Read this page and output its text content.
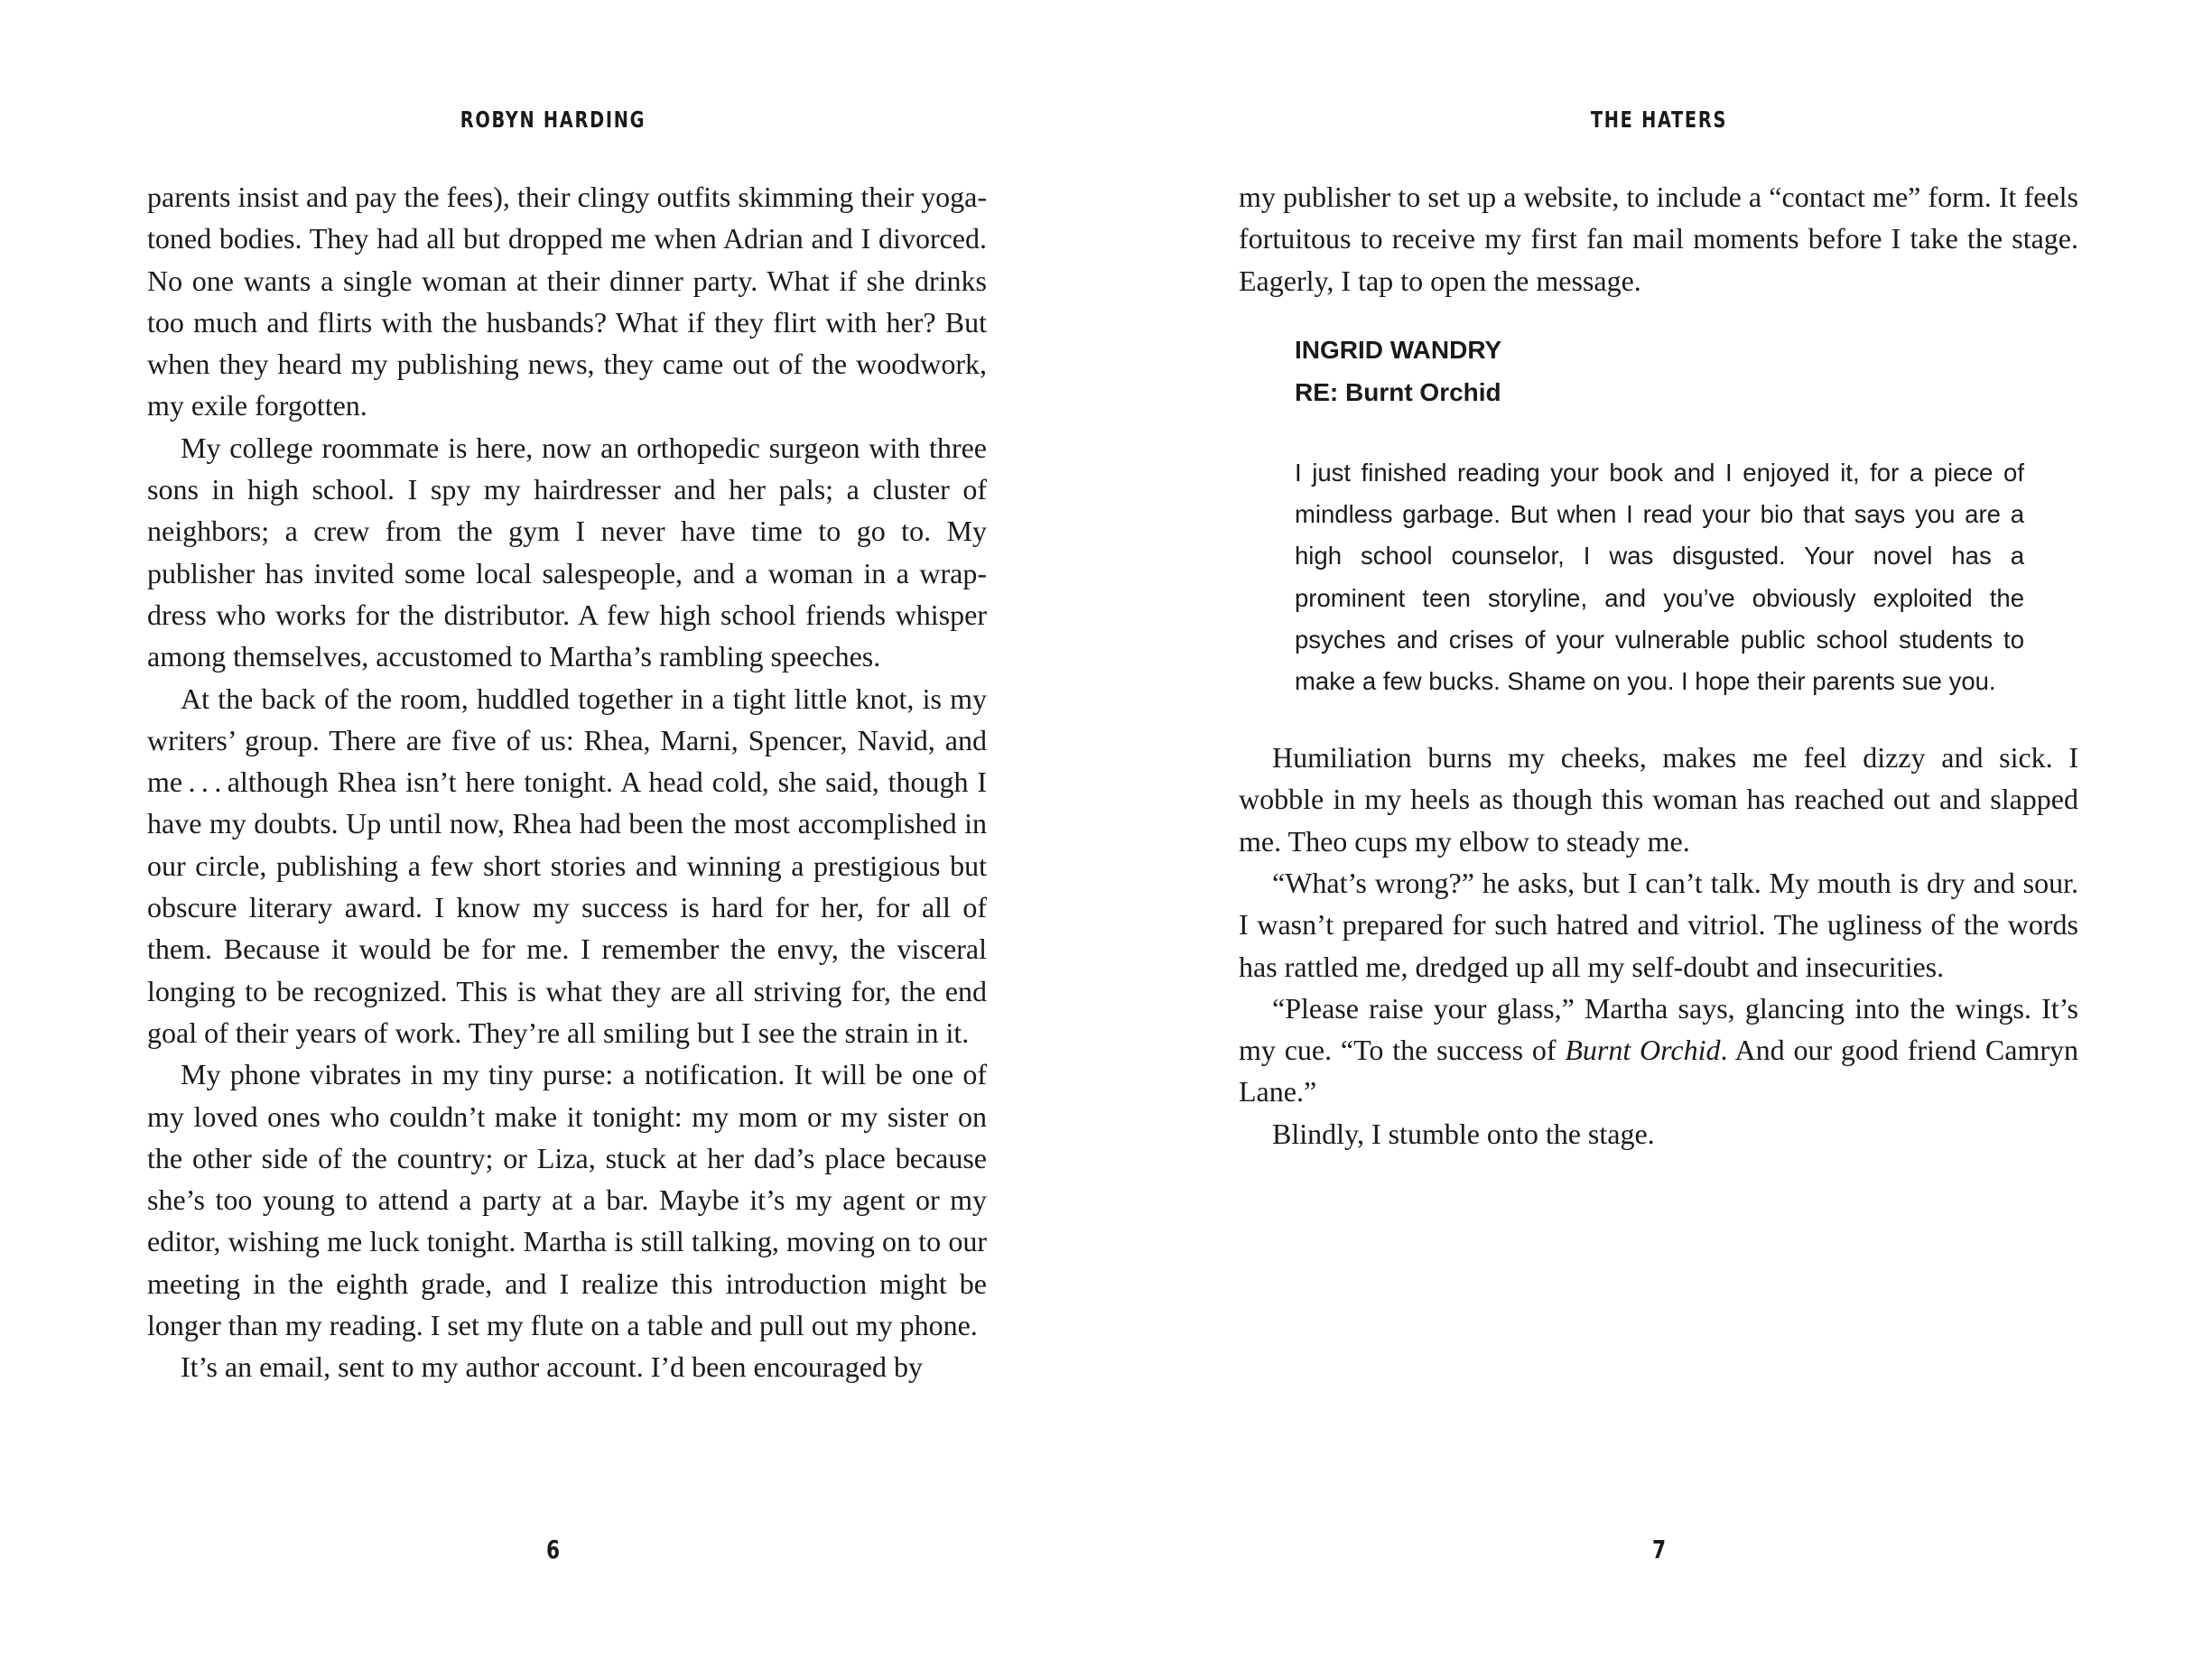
ROBYN HARDING

parents insist and pay the fees), their clingy outfits skimming their yoga-toned bodies. They had all but dropped me when Adrian and I divorced. No one wants a single woman at their dinner party. What if she drinks too much and flirts with the husbands? What if they flirt with her? But when they heard my publishing news, they came out of the woodwork, my exile forgotten.

My college roommate is here, now an orthopedic surgeon with three sons in high school. I spy my hairdresser and her pals; a cluster of neighbors; a crew from the gym I never have time to go to. My publisher has invited some local salespeople, and a woman in a wrap-dress who works for the distributor. A few high school friends whisper among themselves, accustomed to Martha’s rambling speeches.

At the back of the room, huddled together in a tight little knot, is my writers’ group. There are five of us: Rhea, Marni, Spencer, Navid, and me . . . although Rhea isn’t here tonight. A head cold, she said, though I have my doubts. Up until now, Rhea had been the most accomplished in our circle, publishing a few short stories and winning a prestigious but obscure literary award. I know my success is hard for her, for all of them. Because it would be for me. I remember the envy, the visceral longing to be recognized. This is what they are all striving for, the end goal of their years of work. They’re all smiling but I see the strain in it.

My phone vibrates in my tiny purse: a notification. It will be one of my loved ones who couldn’t make it tonight: my mom or my sister on the other side of the country; or Liza, stuck at her dad’s place because she’s too young to attend a party at a bar. Maybe it’s my agent or my editor, wishing me luck tonight. Martha is still talking, moving on to our meeting in the eighth grade, and I realize this introduction might be longer than my reading. I set my flute on a table and pull out my phone.

It’s an email, sent to my author account. I’d been encouraged by

6
THE HATERS

my publisher to set up a website, to include a “contact me” form. It feels fortuitous to receive my first fan mail moments before I take the stage. Eagerly, I tap to open the message.

INGRID WANDRY
RE: Burnt Orchid
I just finished reading your book and I enjoyed it, for a piece of mindless garbage. But when I read your bio that says you are a high school counselor, I was disgusted. Your novel has a prominent teen storyline, and you’ve obviously exploited the psyches and crises of your vulnerable public school students to make a few bucks. Shame on you. I hope their parents sue you.

Humiliation burns my cheeks, makes me feel dizzy and sick. I wobble in my heels as though this woman has reached out and slapped me. Theo cups my elbow to steady me.

“What’s wrong?” he asks, but I can’t talk. My mouth is dry and sour. I wasn’t prepared for such hatred and vitriol. The ugliness of the words has rattled me, dredged up all my self-doubt and insecurities.

“Please raise your glass,” Martha says, glancing into the wings. It’s my cue. “To the success of Burnt Orchid. And our good friend Camryn Lane.”

Blindly, I stumble onto the stage.

7
